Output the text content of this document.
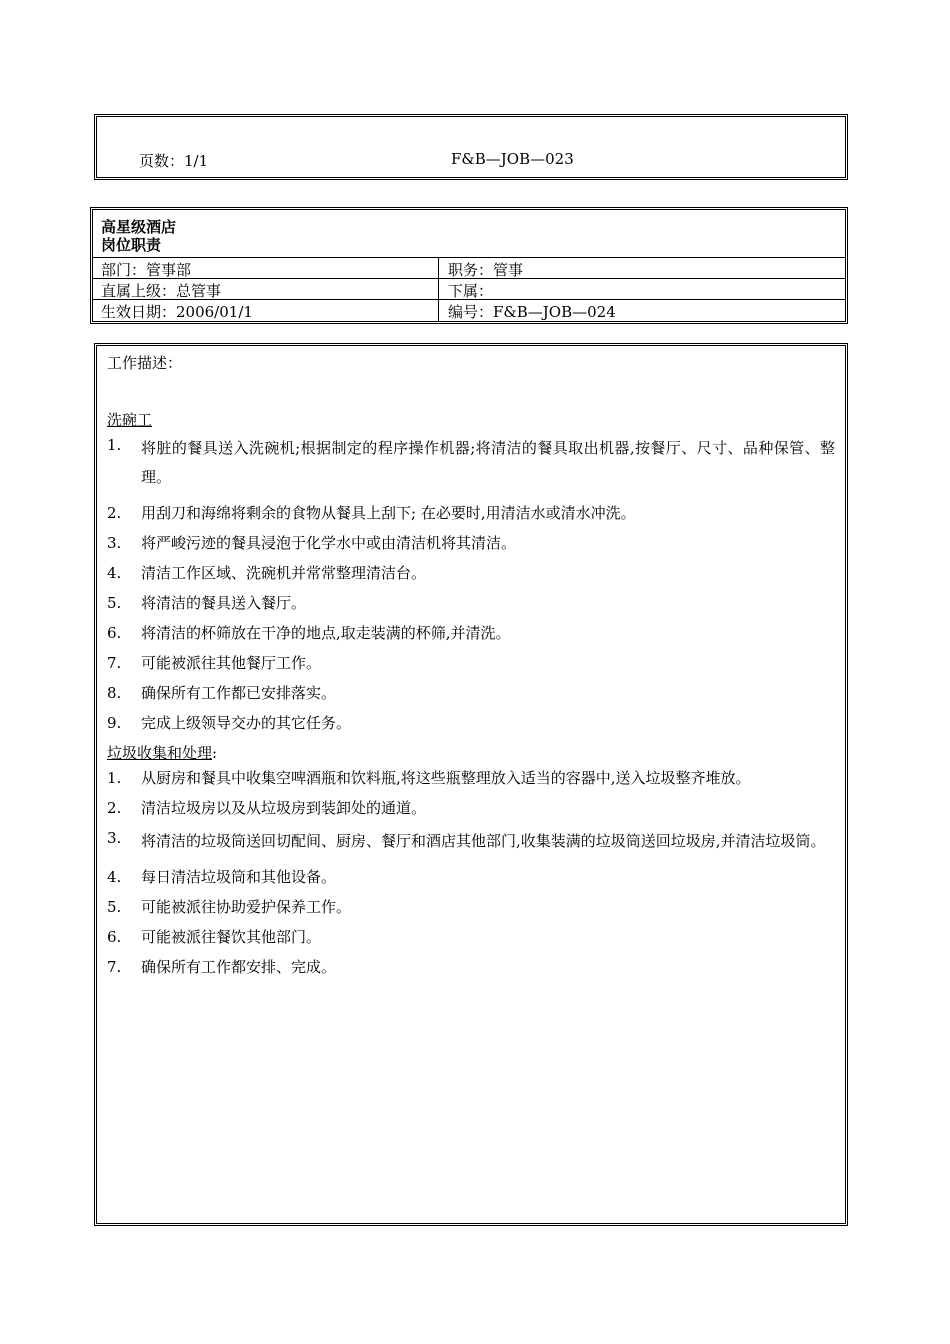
页数：1/1	F&B—JOB—023
高星级酒店
岗位职责
部门：管事部	职务：管事
直属上级：总管事	下属：
生效日期：2006/01/1	编号：F&B—JOB—024
工作描述：
洗碗工
1.	将脏的餐具送入洗碗机;根据制定的程序操作机器;将清洁的餐具取出机器,按餐厅、尺寸、品种保管、整理。
2.	用刮刀和海绵将剩余的食物从餐具上刮下; 在必要时,用清洁水或清水冲洗。
3.	将严峻污迹的餐具浸泡于化学水中或由清洁机将其清洁。
4.	清洁工作区域、洗碗机并常常整理清洁台。
5.	将清洁的餐具送入餐厅。
6.	将清洁的杯筛放在干净的地点,取走装满的杯筛,并清洗。
7.	可能被派往其他餐厅工作。
8.	确保所有工作都已安排落实。
9.	完成上级领导交办的其它任务。
垃圾收集和处理:
1.	从厨房和餐具中收集空啤酒瓶和饮料瓶,将这些瓶整理放入适当的容器中,送入垃圾整齐堆放。
2.	清洁垃圾房以及从垃圾房到装卸处的通道。
3.	将清洁的垃圾筒送回切配间、厨房、餐厅和酒店其他部门,收集装满的垃圾筒送回垃圾房,并清洁垃圾筒。
4.	每日清洁垃圾筒和其他设备。
5.	可能被派往协助爱护保养工作。
6.	可能被派往餐饮其他部门。
7.	确保所有工作都安排、完成。
